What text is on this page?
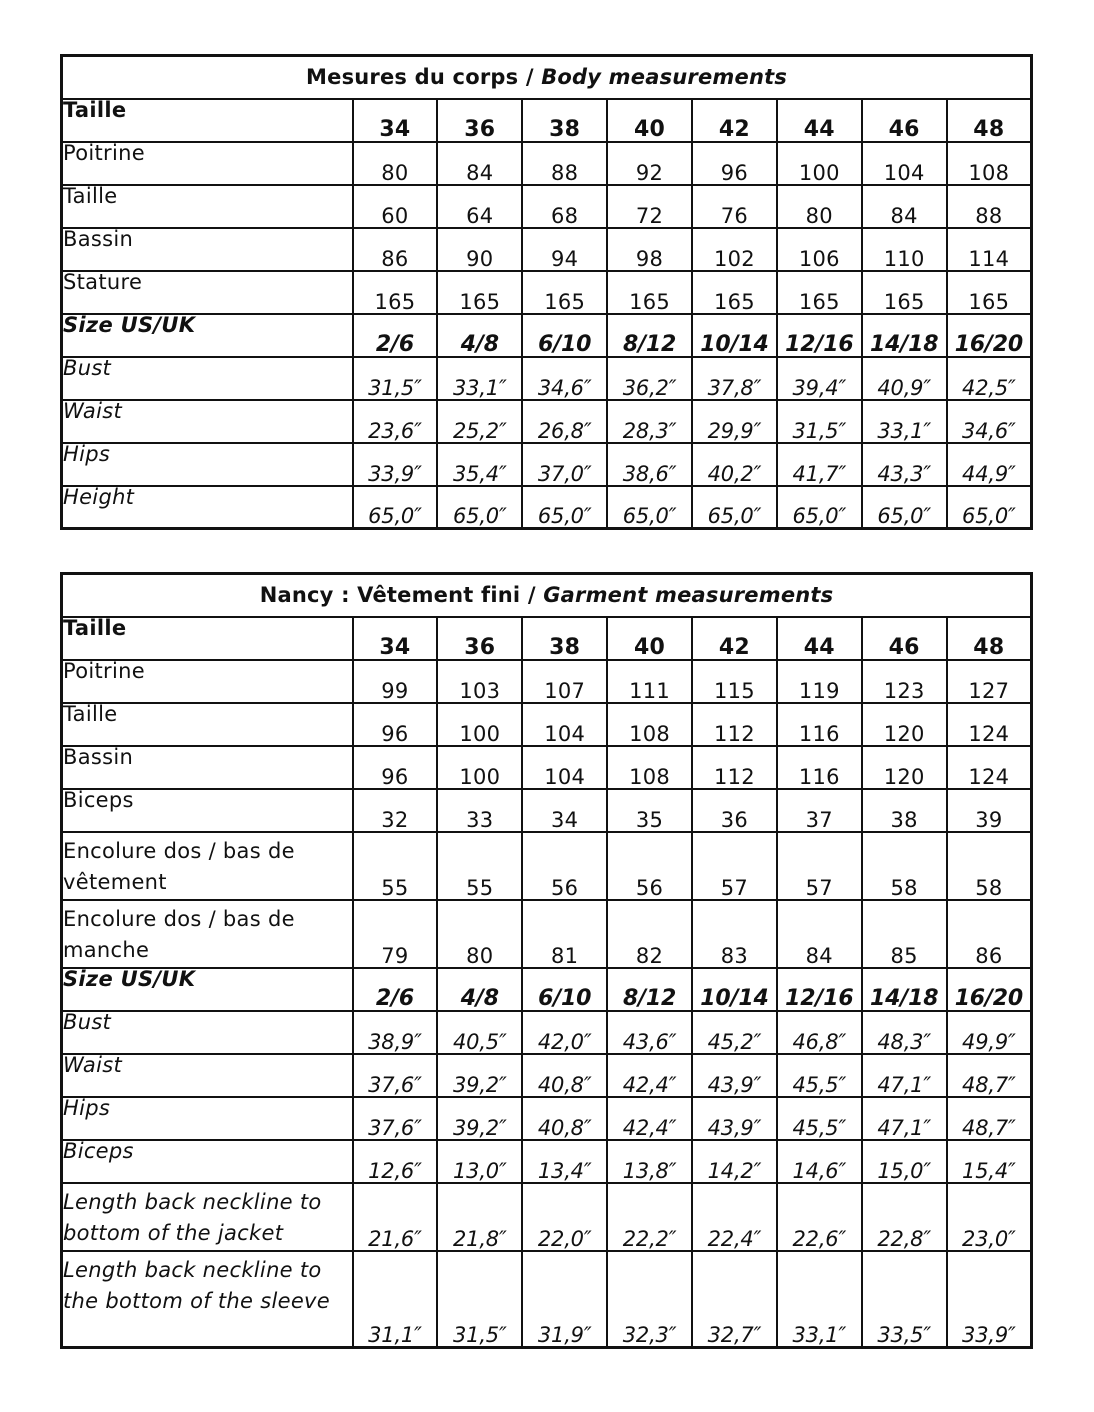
Mesures du corps / Body measurements								
Taille	34	36	38	40	42	44	46	48
Poitrine	80	84	88	92	96	100	104	108
Taille	60	64	68	72	76	80	84	88
Bassin	86	90	94	98	102	106	110	114
Stature	165	165	165	165	165	165	165	165
Size US/UK	2/6	4/8	6/10	8/12	10/14	12/16	14/18	16/20
Bust	31,5″	33,1″	34,6″	36,2″	37,8″	39,4″	40,9″	42,5″
Waist	23,6″	25,2″	26,8″	28,3″	29,9″	31,5″	33,1″	34,6″
Hips	33,9″	35,4″	37,0″	38,6″	40,2″	41,7″	43,3″	44,9″
Height	65,0″	65,0″	65,0″	65,0″	65,0″	65,0″	65,0″	65,0″
Nancy : Vêtement fini / Garment measurements								
Taille	34	36	38	40	42	44	46	48
Poitrine	99	103	107	111	115	119	123	127
Taille	96	100	104	108	112	116	120	124
Bassin	96	100	104	108	112	116	120	124
Biceps	32	33	34	35	36	37	38	39
Encolure dos / bas de vêtement	55	55	56	56	57	57	58	58
Encolure dos / bas de manche	79	80	81	82	83	84	85	86
Size US/UK	2/6	4/8	6/10	8/12	10/14	12/16	14/18	16/20
Bust	38,9″	40,5″	42,0″	43,6″	45,2″	46,8″	48,3″	49,9″
Waist	37,6″	39,2″	40,8″	42,4″	43,9″	45,5″	47,1″	48,7″
Hips	37,6″	39,2″	40,8″	42,4″	43,9″	45,5″	47,1″	48,7″
Biceps	12,6″	13,0″	13,4″	13,8″	14,2″	14,6″	15,0″	15,4″
Length back neckline to bottom of the jacket	21,6″	21,8″	22,0″	22,2″	22,4″	22,6″	22,8″	23,0″
Length back neckline to the bottom of the sleeve	31,1″	31,5″	31,9″	32,3″	32,7″	33,1″	33,5″	33,9″
